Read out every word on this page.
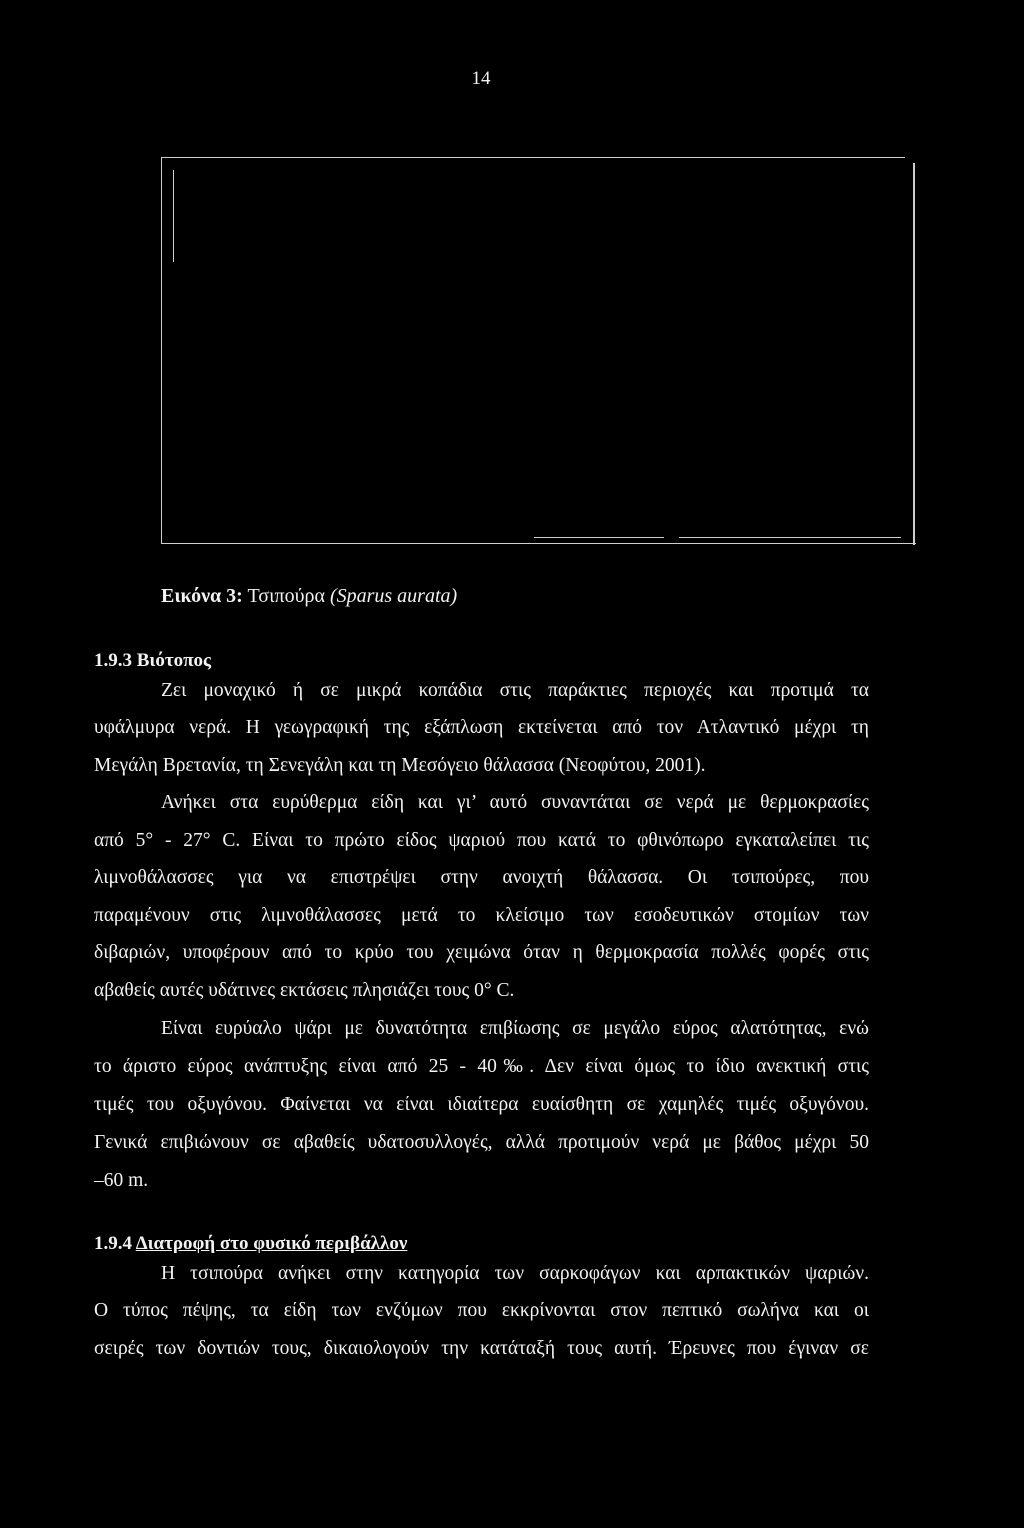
14
Εικόνα 3: Τσιπούρα (Sparus aurata)
1.9.3 Βιότοπος
Ζει μοναχικό ή σε μικρά κοπάδια στις παράκτιες περιοχές και προτιμά τα
υφάλμυρα νερά. Η γεωγραφική της εξάπλωση εκτείνεται από τον Ατλαντικό μέχρι τη
Μεγάλη Βρετανία, τη Σενεγάλη και τη Μεσόγειο θάλασσα (Νεοφύτου, 2001).
Ανήκει στα ευρύθερμα είδη και γι’ αυτό συναντάται σε νερά με θερμοκρασίες
από 5° - 27° C. Είναι το πρώτο είδος ψαριού που κατά το φθινόπωρο εγκαταλείπει τις
λιμνοθάλασσες για να επιστρέψει στην ανοιχτή θάλασσα. Οι τσιπούρες, που
παραμένουν στις λιμνοθάλασσες μετά το κλείσιμο των εσοδευτικών στομίων των
διβαριών, υποφέρουν από το κρύο του χειμώνα όταν η θερμοκρασία πολλές φορές στις
αβαθείς αυτές υδάτινες εκτάσεις πλησιάζει τους 0° C.
Είναι ευρύαλο ψάρι με δυνατότητα επιβίωσης σε μεγάλο εύρος αλατότητας, ενώ
το άριστο εύρος ανάπτυξης είναι από 25 - 40‰. Δεν είναι όμως το ίδιο ανεκτική στις
τιμές του οξυγόνου. Φαίνεται να είναι ιδιαίτερα ευαίσθητη σε χαμηλές τιμές οξυγόνου.
Γενικά επιβιώνουν σε αβαθείς υδατοσυλλογές, αλλά προτιμούν νερά με βάθος μέχρι 50
–60 m.
1.9.4 Διατροφή στο φυσικό περιβάλλον
Η τσιπούρα ανήκει στην κατηγορία των σαρκοφάγων και αρπακτικών ψαριών.
Ο τύπος πέψης, τα είδη των ενζύμων που εκκρίνονται στον πεπτικό σωλήνα και οι
σειρές των δοντιών τους, δικαιολογούν την κατάταξή τους αυτή. Έρευνες που έγιναν σε
